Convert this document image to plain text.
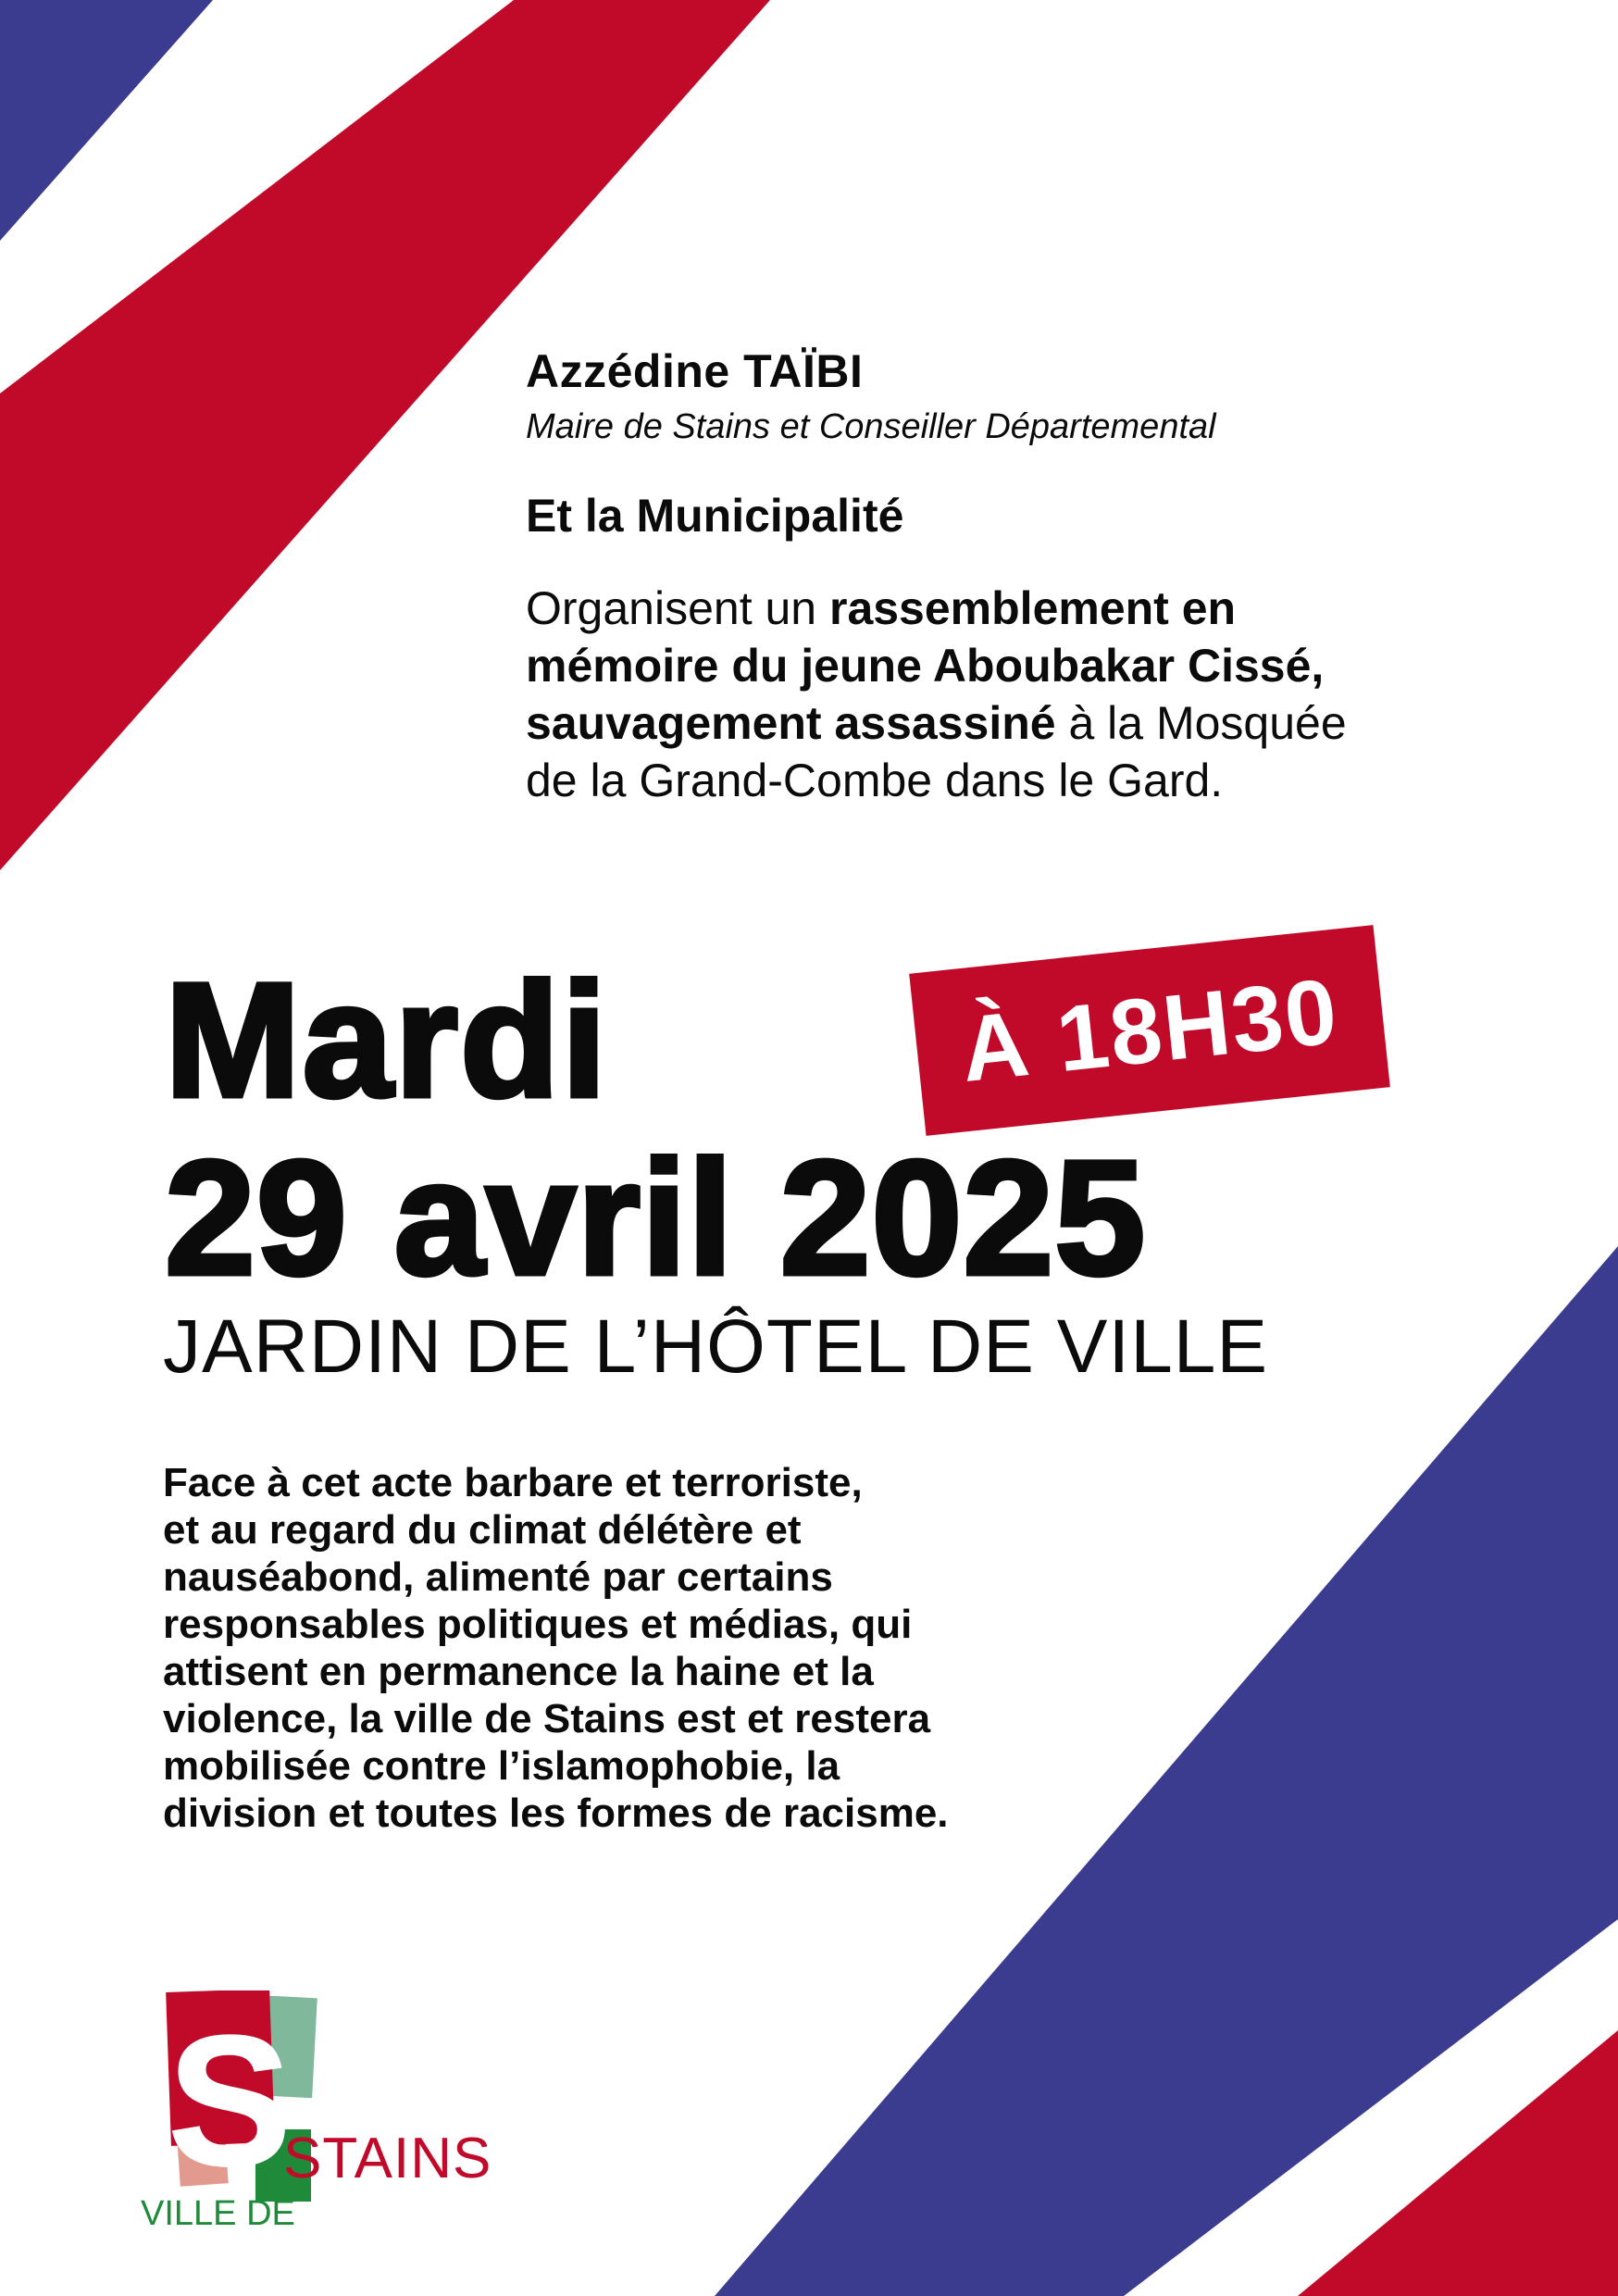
Azzédine TAÏBI
Maire de Stains et Conseiller Départemental
Et la Municipalité
Organisent un rassemblement en
mémoire du jeune Aboubakar Cissé,
sauvagement assassiné à la Mosquée
de la Grand-Combe dans le Gard.
Mardi
29 avril 2025
À 18H30
JARDIN DE L’HÔTEL DE VILLE
Face à cet acte barbare et terroriste,
et au regard du climat délétère et
nauséabond, alimenté par certains
responsables politiques et médias, qui
attisent en permanence la haine et la
violence, la ville de Stains est et restera
mobilisée contre l’islamophobie, la
division et toutes les formes de racisme.
S
STAINS
VILLE DE
